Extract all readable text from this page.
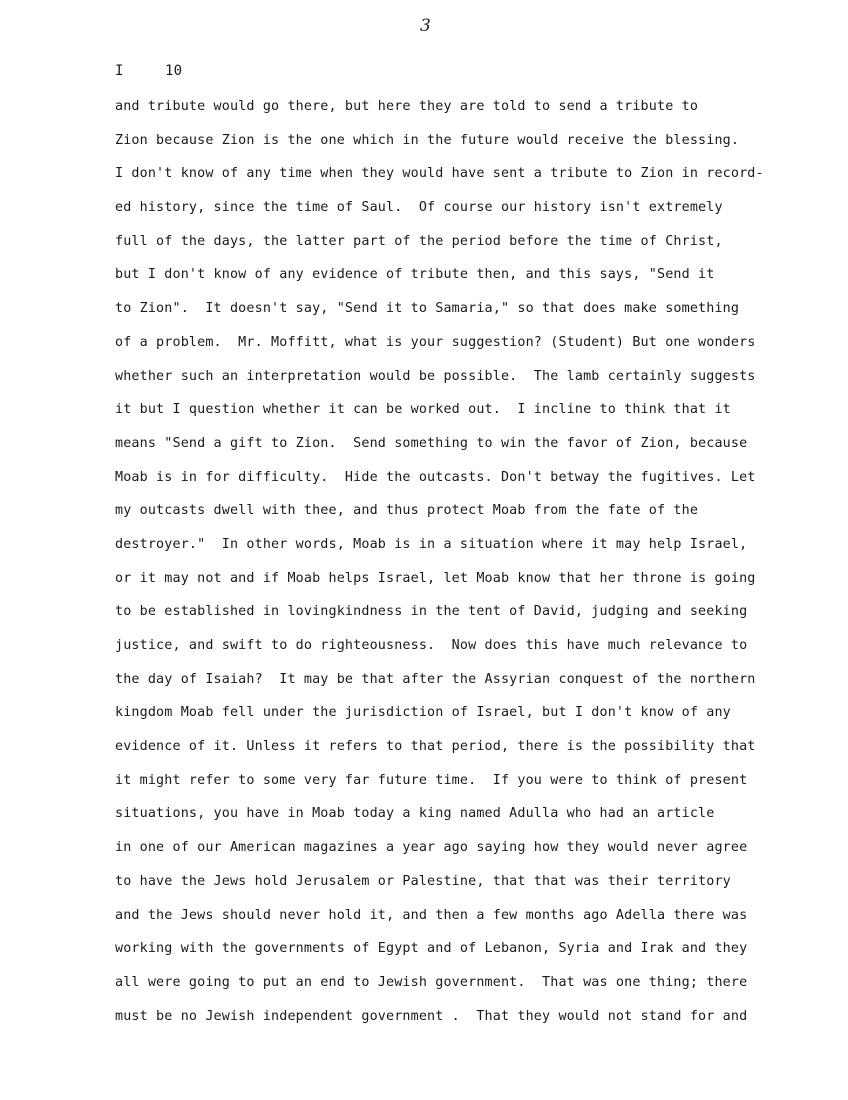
3
I	10
and tribute would go there, but here they are told to send a tribute to
Zion because Zion is the one which in the future would receive the blessing.
I don't know of any time when they would have sent a tribute to Zion in record-
ed history, since the time of Saul.  Of course our history isn't extremely
full of the days, the latter part of the period before the time of Christ,
but I don't know of any evidence of tribute then, and this says, "Send it
to Zion".  It doesn't say, "Send it to Samaria," so that does make something
of a problem.  Mr. Moffitt, what is your suggestion? (Student) But one wonders
whether such an interpretation would be possible.  The lamb certainly suggests
it but I question whether it can be worked out.  I incline to think that it
means "Send a gift to Zion.  Send something to win the favor of Zion, because
Moab is in for difficulty.  Hide the outcasts. Don't betway the fugitives. Let
my outcasts dwell with thee, and thus protect Moab from the fate of the
destroyer."  In other words, Moab is in a situation where it may help Israel,
or it may not and if Moab helps Israel, let Moab know that her throne is going
to be established in lovingkindness in the tent of David, judging and seeking
justice, and swift to do righteousness.  Now does this have much relevance to
the day of Isaiah?  It may be that after the Assyrian conquest of the northern
kingdom Moab fell under the jurisdiction of Israel, but I don't know of any
evidence of it. Unless it refers to that period, there is the possibility that
it might refer to some very far future time.  If you were to think of present
situations, you have in Moab today a king named Adulla who had an article
in one of our American magazines a year ago saying how they would never agree
to have the Jews hold Jerusalem or Palestine, that that was their territory
and the Jews should never hold it, and then a few months ago Adella there was
working with the governments of Egypt and of Lebanon, Syria and Irak and they
all were going to put an end to Jewish government.  That was one thing; there
must be no Jewish independent government .  That they would not stand for and
